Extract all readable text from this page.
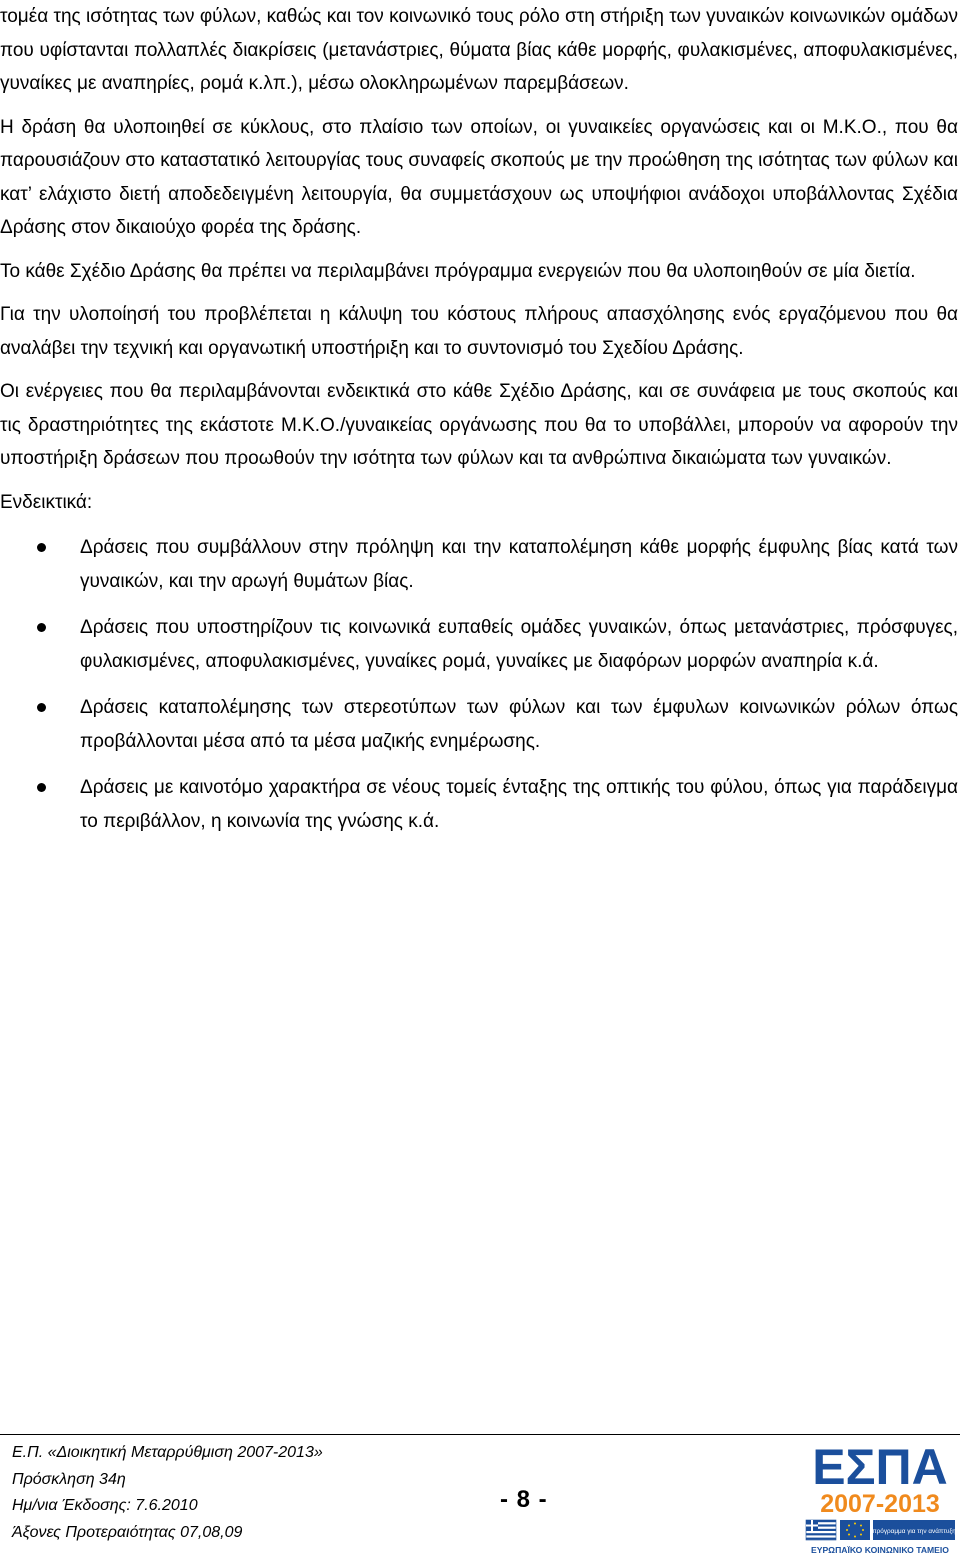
τομέα της ισότητας των φύλων, καθώς και τον κοινωνικό τους ρόλο στη στήριξη των γυναικών κοινωνικών ομάδων που υφίστανται πολλαπλές διακρίσεις (μετανάστριες, θύματα βίας κάθε μορφής, φυλακισμένες, αποφυλακισμένες, γυναίκες με αναπηρίες, ρομά κ.λπ.), μέσω ολοκληρωμένων παρεμβάσεων.

Η δράση θα υλοποιηθεί σε κύκλους, στο πλαίσιο των οποίων, οι γυναικείες οργανώσεις και οι Μ.Κ.Ο., που θα παρουσιάζουν στο καταστατικό λειτουργίας τους συναφείς σκοπούς με την προώθηση της ισότητας των φύλων και κατ’ ελάχιστο διετή αποδεδειγμένη λειτουργία, θα συμμετάσχουν ως υποψήφιοι ανάδοχοι υποβάλλοντας Σχέδια Δράσης στον δικαιούχο φορέα της δράσης.

Το κάθε Σχέδιο Δράσης θα πρέπει να περιλαμβάνει πρόγραμμα ενεργειών που θα υλοποιηθούν σε μία διετία.

Για την υλοποίησή του προβλέπεται η κάλυψη του κόστους πλήρους απασχόλησης ενός εργαζόμενου που θα αναλάβει την τεχνική και οργανωτική υποστήριξη και το συντονισμό του Σχεδίου Δράσης.

Οι ενέργειες που θα περιλαμβάνονται ενδεικτικά στο κάθε Σχέδιο Δράσης, και σε συνάφεια με τους σκοπούς και τις δραστηριότητες της εκάστοτε Μ.Κ.Ο./γυναικείας οργάνωσης που θα το υποβάλλει, μπορούν να αφορούν την υποστήριξη δράσεων που προωθούν την ισότητα των φύλων και τα ανθρώπινα δικαιώματα των γυναικών.

Ενδεικτικά:

Δράσεις που συμβάλλουν στην πρόληψη και την καταπολέμηση κάθε μορφής έμφυλης βίας κατά των γυναικών, και την αρωγή θυμάτων βίας.
Δράσεις που υποστηρίζουν τις κοινωνικά ευπαθείς ομάδες γυναικών, όπως μετανάστριες, πρόσφυγες, φυλακισμένες, αποφυλακισμένες, γυναίκες ρομά, γυναίκες με διαφόρων μορφών αναπηρία κ.ά.
Δράσεις καταπολέμησης των στερεοτύπων των φύλων και των έμφυλων κοινωνικών ρόλων όπως προβάλλονται μέσα από τα μέσα μαζικής ενημέρωσης.
Δράσεις με καινοτόμο χαρακτήρα σε νέους τομείς ένταξης της οπτικής του φύλου, όπως για παράδειγμα το περιβάλλον, η κοινωνία της γνώσης κ.ά.
Ε.Π. «Διοικητική Μεταρρύθμιση 2007-2013»
Πρόσκληση 34η
Ημ/νια Έκδοσης: 7.6.2010
Άξονες Προτεραιότητας 07,08,09
- 8 -
ΕΣΠΑ
2007-2013
πρόγραμμα για την ανάπτυξη
ΕΥΡΩΠΑΪΚΟ ΚΟΙΝΩΝΙΚΟ ΤΑΜΕΙΟ
